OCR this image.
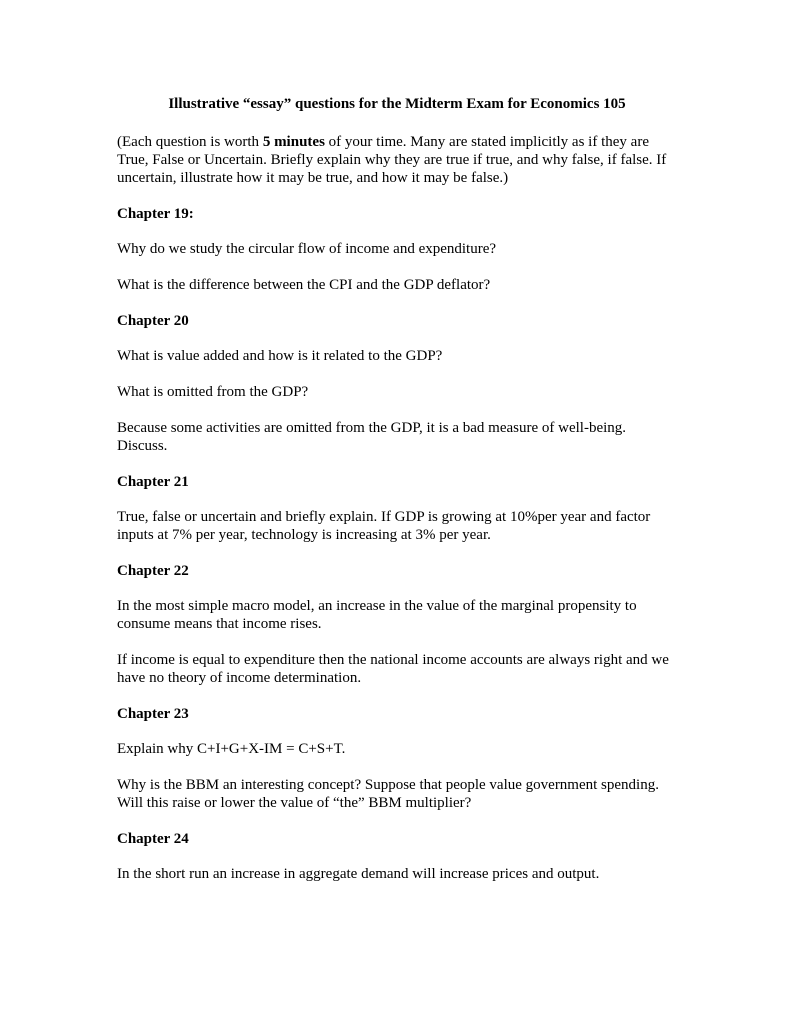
Illustrative “essay” questions for the Midterm Exam for Economics 105

(Each question is worth 5 minutes of your time. Many are stated implicitly as if they are True, False or Uncertain. Briefly explain why they are true if true, and why false, if false. If uncertain, illustrate how it may be true, and how it may be false.)

Chapter 19:

Why do we study the circular flow of income and expenditure?

What is the difference between the CPI and the GDP deflator?

Chapter 20

What is value added and how is it related to the GDP?

What is omitted from the GDP?

Because some activities are omitted from the GDP, it is a bad measure of well-being. Discuss.

Chapter 21

True, false or uncertain and briefly explain. If GDP is growing at 10%per year and factor inputs at 7% per year, technology is increasing at 3% per year.

Chapter 22

In the most simple macro model, an increase in the value of the marginal propensity to consume means that income rises.

If income is equal to expenditure then the national income accounts are always right and we have no theory of income determination.

Chapter 23

Explain why C+I+G+X-IM = C+S+T.

Why is the BBM an interesting concept? Suppose that people value government spending. Will this raise or lower the value of “the” BBM multiplier?

Chapter 24

In the short run an increase in aggregate demand will increase prices and output.
